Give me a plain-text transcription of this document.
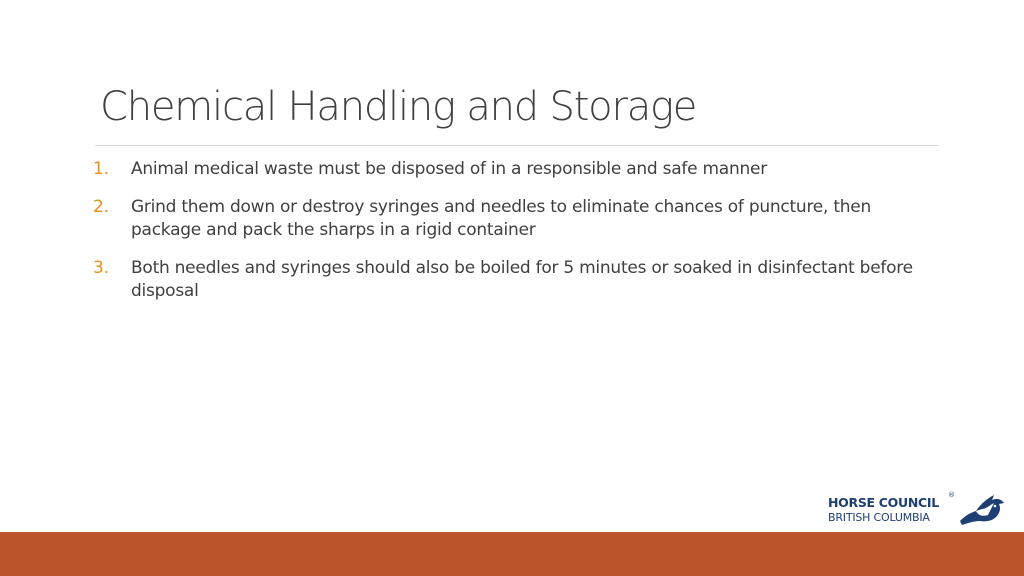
Chemical Handling and Storage
1. Animal medical waste must be disposed of in a responsible and safe manner
2. Grind them down or destroy syringes and needles to eliminate chances of puncture, then package and pack the sharps in a rigid container
3. Both needles and syringes should also be boiled for 5 minutes or soaked in disinfectant before disposal
HORSE COUNCIL
BRITISH COLUMBIA
®
